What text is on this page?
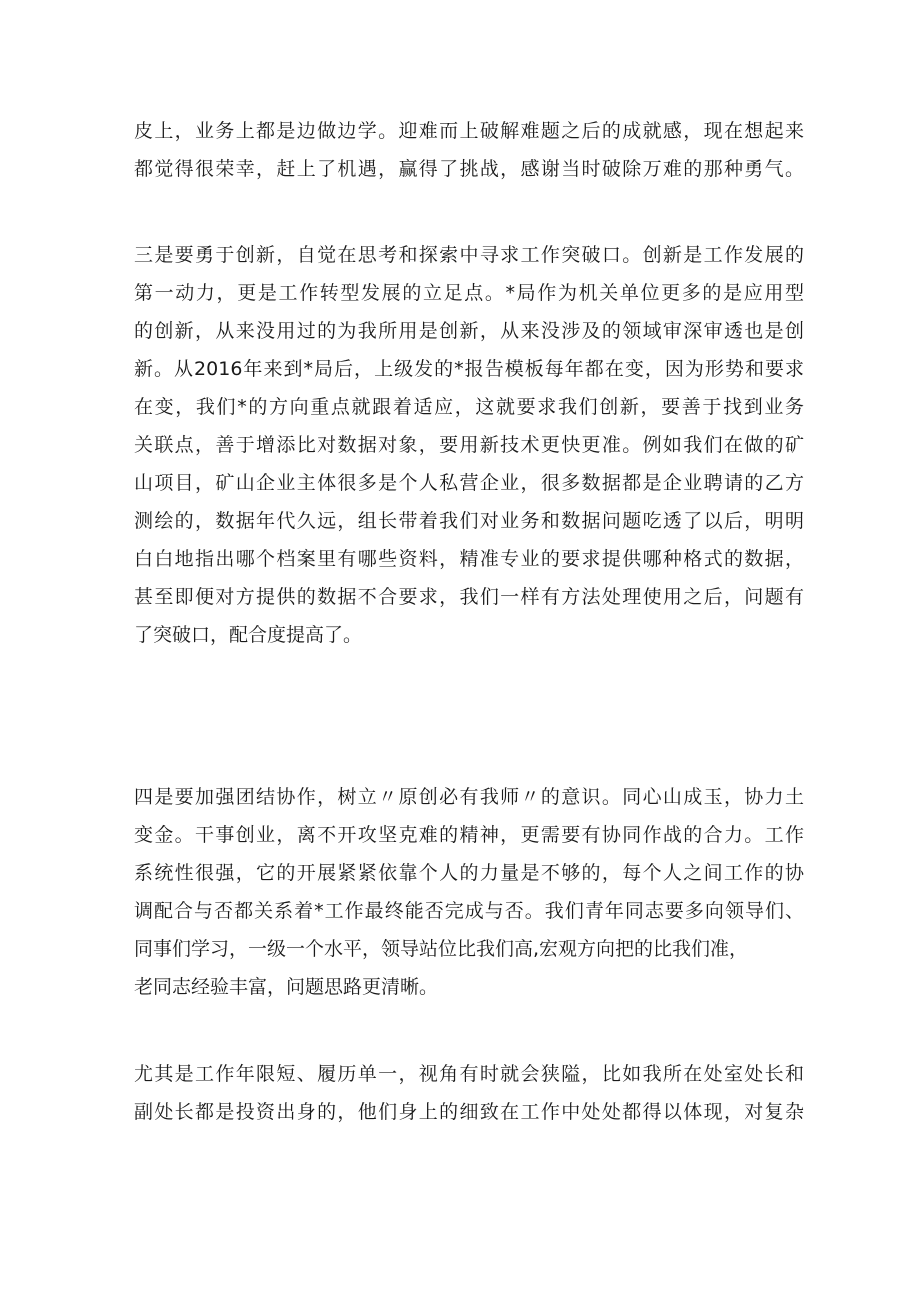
皮上，业务上都是边做边学。迎难而上破解难题之后的成就感，现在想起来
都觉得很荣幸，赶上了机遇，赢得了挑战，感谢当时破除万难的那种勇气。
三是要勇于创新，自觉在思考和探索中寻求工作突破口。创新是工作发展的
第一动力，更是工作转型发展的立足点。*局作为机关单位更多的是应用型
的创新，从来没用过的为我所用是创新，从来没涉及的领域审深审透也是创
新。从2016年来到*局后，上级发的*报告模板每年都在变，因为形势和要求
在变，我们*的方向重点就跟着适应，这就要求我们创新，要善于找到业务
关联点，善于增添比对数据对象，要用新技术更快更准。例如我们在做的矿
山项目，矿山企业主体很多是个人私营企业，很多数据都是企业聘请的乙方
测绘的，数据年代久远，组长带着我们对业务和数据问题吃透了以后，明明
白白地指出哪个档案里有哪些资料，精准专业的要求提供哪种格式的数据，
甚至即便对方提供的数据不合要求，我们一样有方法处理使用之后，问题有
了突破口，配合度提高了。
四是要加强团结协作，树立〃原创必有我师〃的意识。同心山成玉，协力土
变金。干事创业，离不开攻坚克难的精神，更需要有协同作战的合力。工作
系统性很强，它的开展紧紧依靠个人的力量是不够的，每个人之间工作的协
调配合与否都关系着*工作最终能否完成与否。我们青年同志要多向领导们、
同事们学习，一级一个水平，领导站位比我们高,宏观方向把的比我们准，
老同志经验丰富，问题思路更清晰。
尤其是工作年限短、履历单一，视角有时就会狭隘，比如我所在处室处长和
副处长都是投资出身的，他们身上的细致在工作中处处都得以体现，对复杂
